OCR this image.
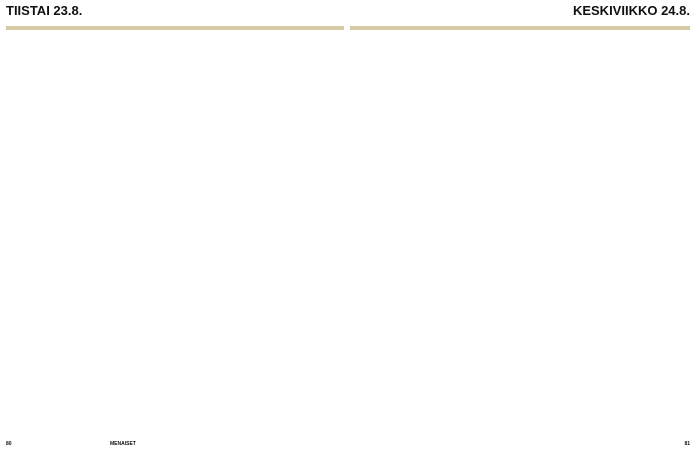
TIISTAI 23.8.	KESKIVIIKKO 24.8.
80	MENAISET	81
